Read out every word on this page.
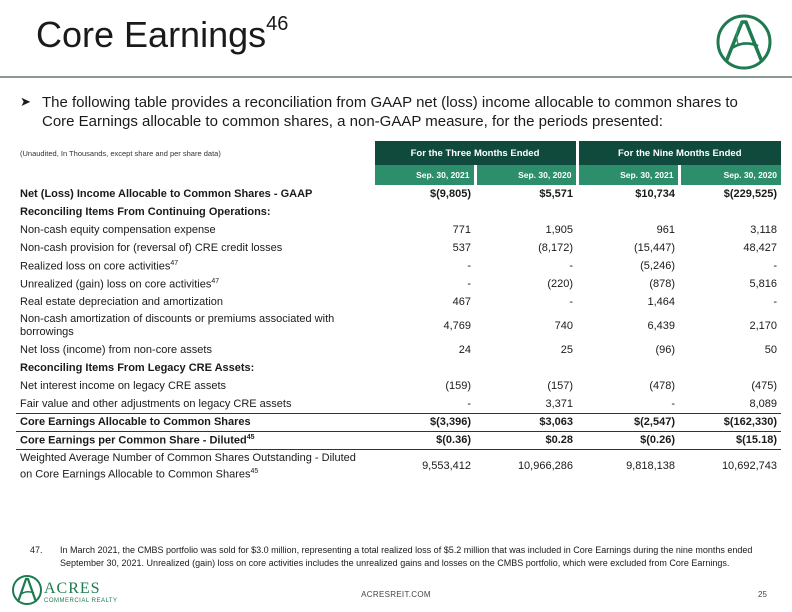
Core Earnings$^{46}$
➤ The following table provides a reconciliation from GAAP net (loss) income allocable to common shares to Core Earnings allocable to common shares, a non-GAAP measure, for the periods presented:
(Unaudited, In Thousands, except share and per share data)	For the Three Months Ended		For the Nine Months Ended	
	Sep. 30, 2021	Sep. 30, 2020	Sep. 30, 2021	Sep. 30, 2020
Net (Loss) Income Allocable to Common Shares - GAAP	$(9,805)	$5,571	$10,734	$(229,525)
Reconciling Items From Continuing Operations:				
Non-cash equity compensation expense	771	1,905	961	3,118
Non-cash provision for (reversal of) CRE credit losses	537	(8,172)	(15,447)	48,427
Realized loss on core activities$^{47}$	-	-	(5,246)	-
Unrealized (gain) loss on core activities$^{47}$	-	(220)	(878)	5,816
Real estate depreciation and amortization	467	-	1,464	-
Non-cash amortization of discounts or premiums associated with borrowings	4,769	740	6,439	2,170
Net loss (income) from non-core assets	24	25	(96)	50
Reconciling Items From Legacy CRE Assets:				
Net interest income on legacy CRE assets	(159)	(157)	(478)	(475)
Fair value and other adjustments on legacy CRE assets	-	3,371	-	8,089
Core Earnings Allocable to Common Shares	$(3,396)	$3,063	$(2,547)	$(162,330)
Core Earnings per Common Share - Diluted$^{45}$	$(0.36)	$0.28	$(0.26)	$(15.18)
Weighted Average Number of Common Shares Outstanding - Diluted on Core Earnings Allocable to Common Shares$^{45}$	9,553,412	10,966,286	9,818,138	10,692,743
47.	In March 2021, the CMBS portfolio was sold for $3.0 million, representing a total realized loss of $5.2 million that was included in Core Earnings during the nine months ended September 30, 2021. Unrealized (gain) loss on core activities includes the unrealized gains and losses on the CMBS portfolio, which were excluded from Core Earnings.
ACRES
COMMERCIAL REALTY
ACRESREIT.COM	25
